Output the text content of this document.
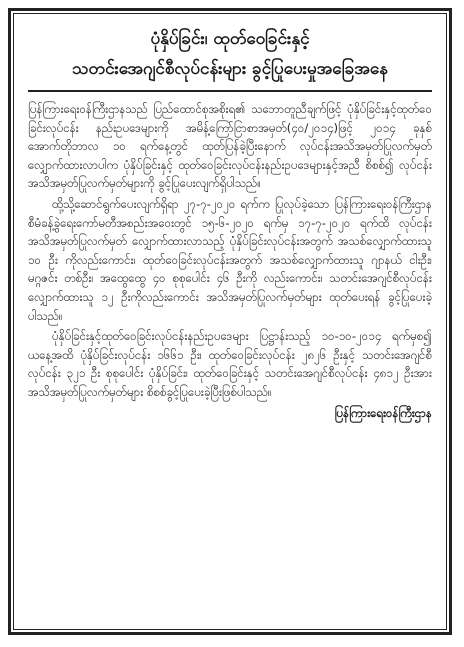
ပုံနှိပ်ခြင်း၊ ထုတ်ဝေခြင်းနှင့်
သတင်းအေဂျင်စီလုပ်ငန်းများ ခွင့်ပြုပေးမှုအခြေအနေ

ပြန်ကြားရေးဝန်ကြီးဌာနသည် ပြည်ထောင်စုအစိုးရ၏ သဘောတူညီချက်ဖြင့် ပုံနှိပ်ခြင်းနှင့်ထုတ်ဝေခြင်းလုပ်ငန်း နည်းဥပဒေများကို အမိန့်ကြော်ငြာစာအမှတ်(၄၀/၂၀၁၄)ဖြင့် ၂၀၁၄ ခုနှစ် အောက်တိုဘာလ ၁၀ ရက်နေ့တွင် ထုတ်ပြန်ခဲ့ပြီးနောက် လုပ်ငန်းအသိအမှတ်ပြုလက်မှတ် လျှောက်ထားလာပါက ပုံနှိပ်ခြင်းနှင့် ထုတ်ဝေခြင်းလုပ်ငန်းနည်းဥပဒေများနှင့်အညီ စိစစ်၍ လုပ်ငန်းအသိအမှတ်ပြုလက်မှတ်များကို ခွင့်ပြုပေးလျက်ရှိပါသည်။

ထို့သို့ဆောင်ရွက်ပေးလျက်ရှိရာ ၂၇-၇-၂၀၂၀ ရက်က ပြုလုပ်ခဲ့သော ပြန်ကြားရေးဝန်ကြီးဌာန စီမံခန့်ခွဲရေးကော်မတီအစည်းအဝေးတွင် ၁၅-၆-၂၀၂၀ ရက်မှ ၁၇-၇-၂၀၂၀ ရက်ထိ လုပ်ငန်းအသိအမှတ်ပြုလက်မှတ် လျှောက်ထားလာသည့် ပုံနှိပ်ခြင်းလုပ်ငန်းအတွက် အသစ်လျှောက်ထားသူ ၁၀ ဦး ကိုလည်းကောင်း၊ ထုတ်ဝေခြင်းလုပ်ငန်းအတွက် အသစ်လျှောက်ထားသူ ဂျာနယ် ငါးဦး၊ မဂ္ဂဇင်း တစ်ဦး၊ အထွေထွေ ၄၀ စုစုပေါင်း ၄၆ ဦးကို လည်းကောင်း၊ သတင်းအေဂျင်စီလုပ်ငန်းလျှောက်ထားသူ ၁၂ ဦးကိုလည်းကောင်း အသိအမှတ်ပြုလက်မှတ်များ ထုတ်ပေးရန် ခွင့်ပြုပေးခဲ့ပါသည်။

ပုံနှိပ်ခြင်းနှင့်ထုတ်ဝေခြင်းလုပ်ငန်းနည်းဥပဒေများ ပြဋ္ဌာန်းသည့် ၁၀-၁၀-၂၀၁၄ ရက်မှစ၍ ယနေ့အထိ ပုံနှိပ်ခြင်းလုပ်ငန်း ၁၆၆၁ ဦး၊ ထုတ်ဝေခြင်းလုပ်ငန်း ၂၈၂၆ ဦးနှင့် သတင်းအေဂျင်စီလုပ်ငန်း ၃၂၁ ဦး စုစုပေါင်း ပုံနှိပ်ခြင်း၊ ထုတ်ဝေခြင်းနှင့် သတင်းအေဂျင်စီလုပ်ငန်း ၄၈၁၂ ဦးအား အသိအမှတ်ပြုလက်မှတ်များ စိစစ်ခွင့်ပြုပေးခဲ့ပြီးဖြစ်ပါသည်။

ပြန်ကြားရေးဝန်ကြီးဌာန
